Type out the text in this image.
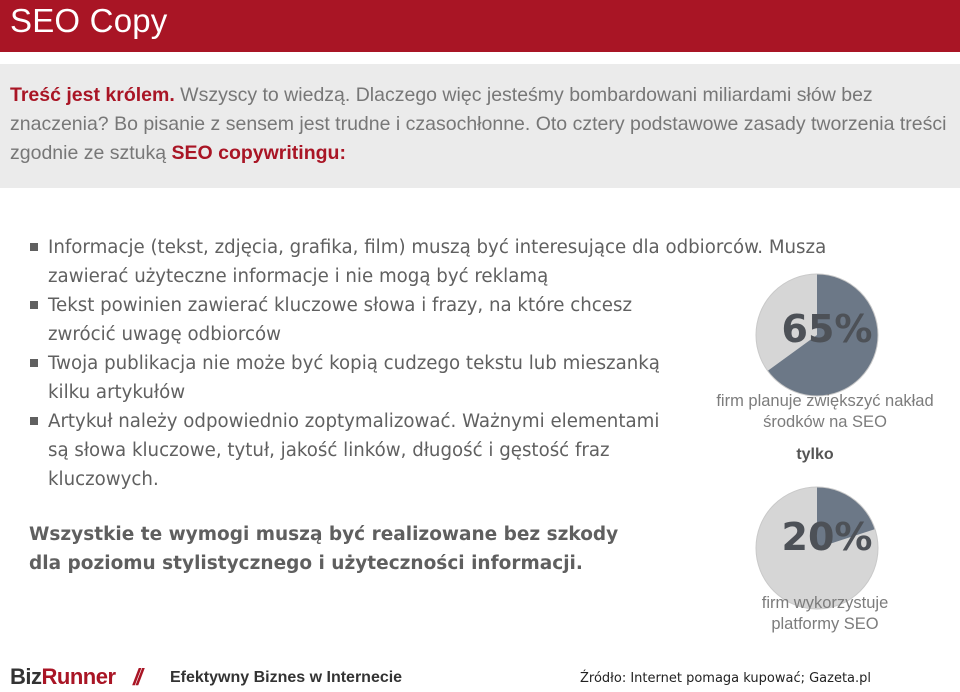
SEO Copy

Treść jest królem. Wszyscy to wiedzą. Dlaczego więc jesteśmy bombardowani miliardami słów bez znaczenia? Bo pisanie z sensem jest trudne i czasochłonne. Oto cztery podstawowe zasady tworzenia treści zgodnie ze sztuką SEO copywritingu:

Informacje (tekst, zdjęcia, grafika, film) muszą być interesujące dla odbiorców. Musza zawierać użyteczne informacje i nie mogą być reklamą
Tekst powinien zawierać kluczowe słowa i frazy, na które chcesz zwrócić uwagę odbiorców
Twoja publikacja nie może być kopią cudzego tekstu lub mieszanką kilku artykułów
Artykuł należy odpowiednio zoptymalizować. Ważnymi elementami są słowa kluczowe, tytuł, jakość linków, długość i gęstość fraz kluczowych.

Wszystkie te wymogi muszą być realizowane bez szkody dla poziomu stylistycznego i użyteczności informacji.

65%
firm planuje zwiększyć nakład
środków na SEO
tylko
20%
firm wykorzystuje
platformy SEO
BizRunner // Efektywny Biznes w Internecie	Źródło: Internet pomaga kupować; Gazeta.pl
